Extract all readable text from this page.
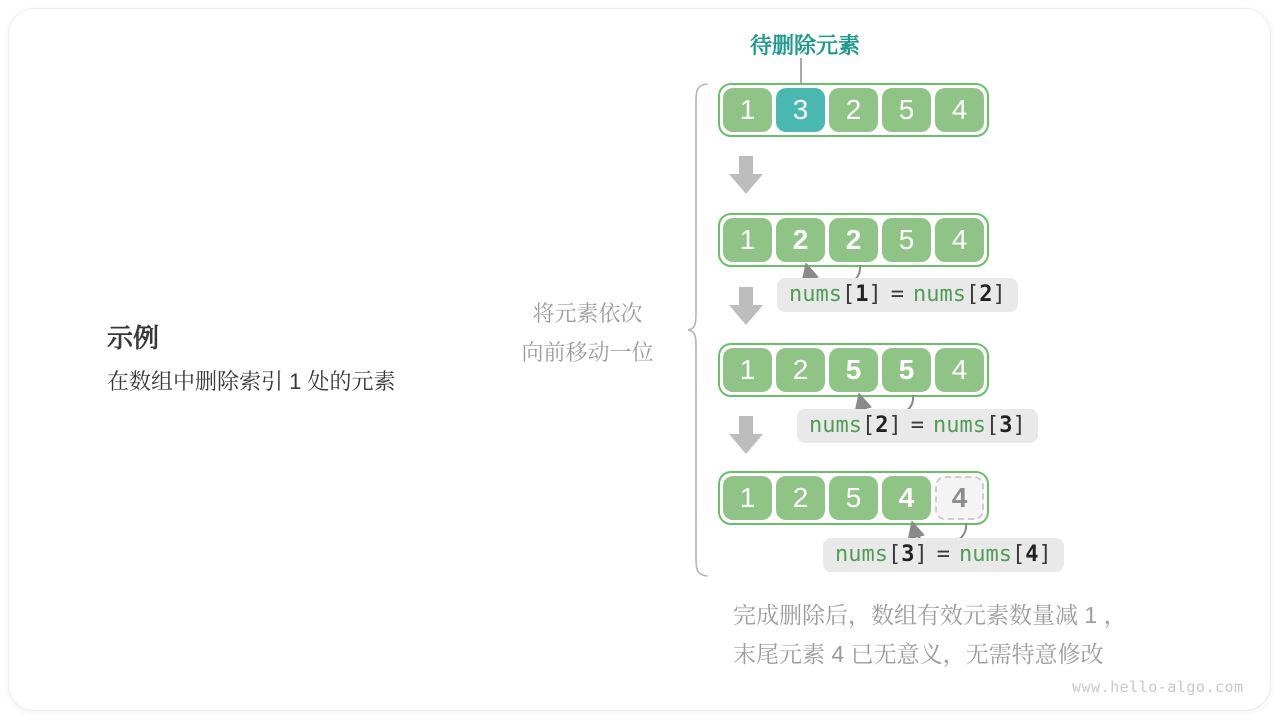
待删除元素
示例
在数组中删除索引 1 处的元素
将元素依次
向前移动一位
1	3	2	5	4
1	2	2	5	4
nums[1] = nums[2]
1	2	5	5	4
nums[2] = nums[3]
1	2	5	4	4
nums[3] = nums[4]
完成删除后，数组有效元素数量减 1 ，
末尾元素 4 已无意义，无需特意修改
www.hello-algo.com
